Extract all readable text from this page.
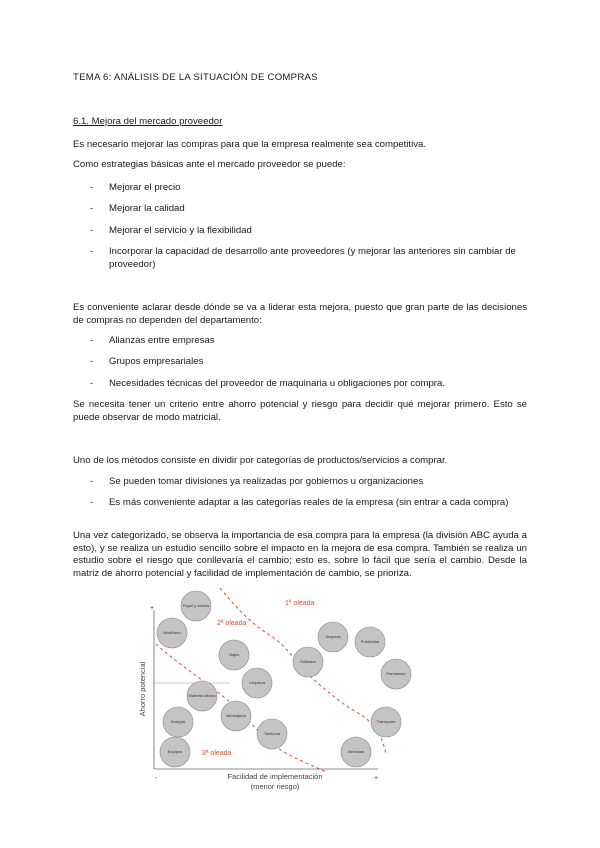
TEMA 6: ANÁLISIS DE LA SITUACIÓN DE COMPRAS
6.1. Mejora del mercado proveedor
Es necesario mejorar las compras para que la empresa realmente sea competitiva.
Como estrategias básicas ante el mercado proveedor se puede:
- Mejorar el precio
- Mejorar la calidad
- Mejorar el servicio y la flexibilidad
- Incorporar la capacidad de desarrollo ante proveedores (y mejorar las anteriores sin cambiar de proveedor)
Es conveniente aclarar desde dónde se va a liderar esta mejora, puesto que gran parte de las decisiones de compras no dependen del departamento:
- Alianzas entre empresas
- Grupos empresariales
- Necesidades técnicas del proveedor de maquinaria u obligaciones por compra.
Se necesita tener un criterio entre ahorro potencial y riesgo para decidir qué mejorar primero. Esto se puede observar de modo matricial.
Uno de los métodos consiste en dividir por categorías de productos/servicios a comprar.
- Se pueden tomar divisiones ya realizadas por gobiernos u organizaciones
- Es más conveniente adaptar a las categorías reales de la empresa (sin entrar a cada compra)
Una vez categorizado, se observa la importancia de esa compra para la empresa (la división ABC ayuda a esto), y se realiza un estudio sencillo sobre el impacto en la mejora de esa compra. También se realiza un estudio sobre el riesgo que conllevaría el cambio; esto es, sobre lo fácil que sería el cambio. Desde la matriz de ahorro potencial y facilidad de implementación de cambio, se prioriza.
+
-	+
1ª oleada
2ª oleada
3ª oleada
Ahorro potencial
Facilidad de implementación
(menor riesgo)
Papel y sobres
Mobiliario
Viajes
Material oficina
Limpieza
Mensajería
Energía
Equipos
Telefonía
Seguros
Publicidad
Software
Formación
Transporte
Servicios
